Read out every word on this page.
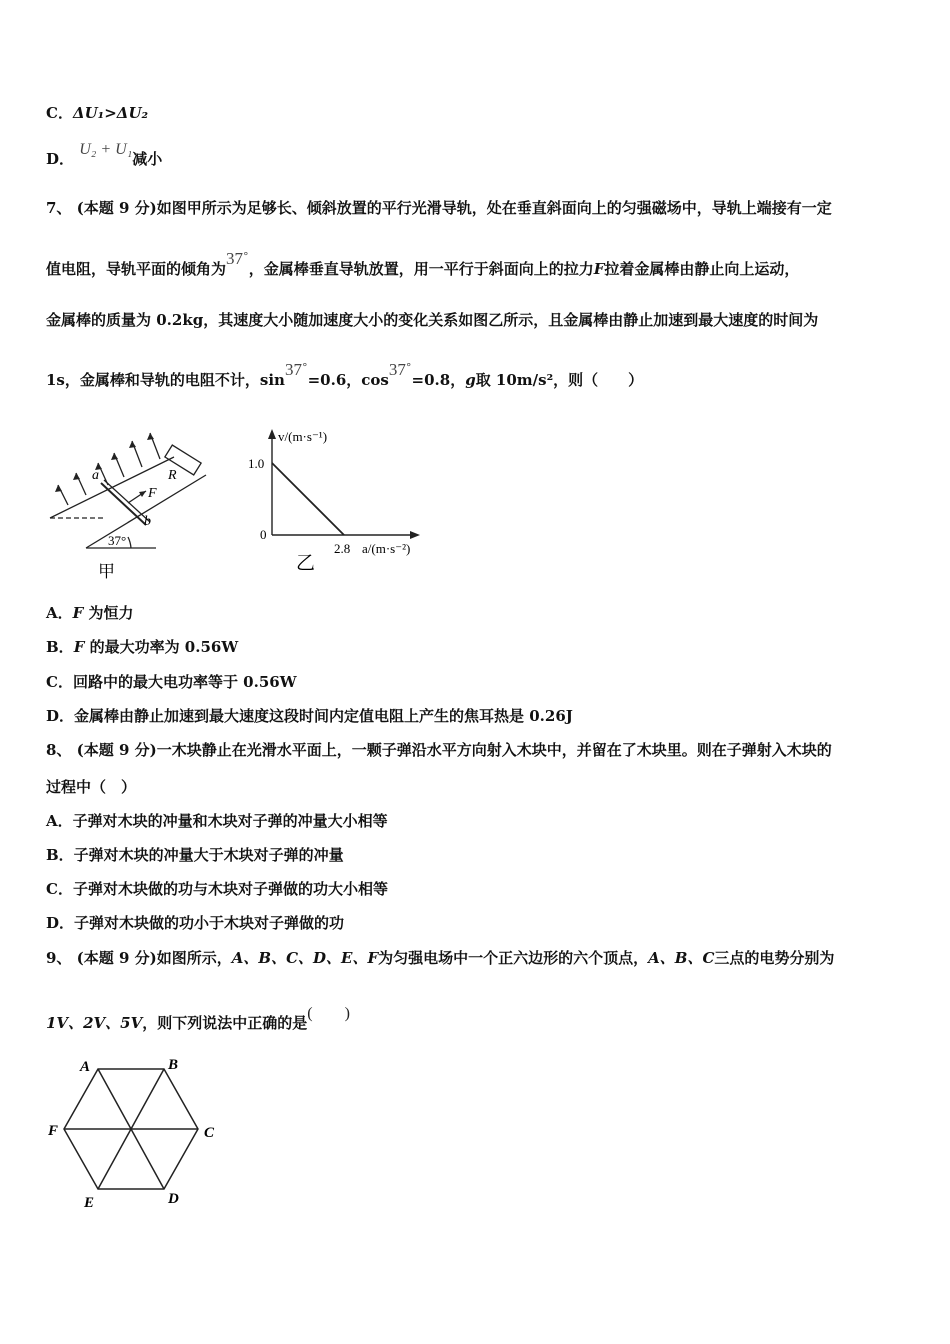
C．ΔU₁>ΔU₂
D． U₂ + U₁减小
7、 (本题 9 分)如图甲所示为足够长、倾斜放置的平行光滑导轨，处在垂直斜面向上的匀强磁场中，导轨上端接有一定
值电阻，导轨平面的倾角为37˚，金属棒垂直导轨放置，用一平行于斜面向上的拉力F拉着金属棒由静止向上运动，
金属棒的质量为 0.2kg，其速度大小随加速度大小的变化关系如图乙所示，且金属棒由静止加速到最大速度的时间为
1s，金属棒和导轨的电阻不计，sin37˚=0.6，cos37˚=0.8，g取 10m/s²，则（　　）
a
b
R
F
37°
甲
v/(m·s⁻¹)
a/(m·s⁻²)
1.0
2.8
0
乙
A．F 为恒力
B．F 的最大功率为 0.56W
C．回路中的最大电功率等于 0.56W
D．金属棒由静止加速到最大速度这段时间内定值电阻上产生的焦耳热是 0.26J
8、 (本题 9 分)一木块静止在光滑水平面上，一颗子弹沿水平方向射入木块中，并留在了木块里。则在子弹射入木块的
过程中（　）
A．子弹对木块的冲量和木块对子弹的冲量大小相等
B．子弹对木块的冲量大于木块对子弹的冲量
C．子弹对木块做的功与木块对子弹做的功大小相等
D．子弹对木块做的功小于木块对子弹做的功
9、 (本题 9 分)如图所示，A、B、C、D、E、F为匀强电场中一个正六边形的六个顶点，A、B、C三点的电势分别为
1V、2V、5V，则下列说法中正确的是(　　)
A	B
C
D
E
F
